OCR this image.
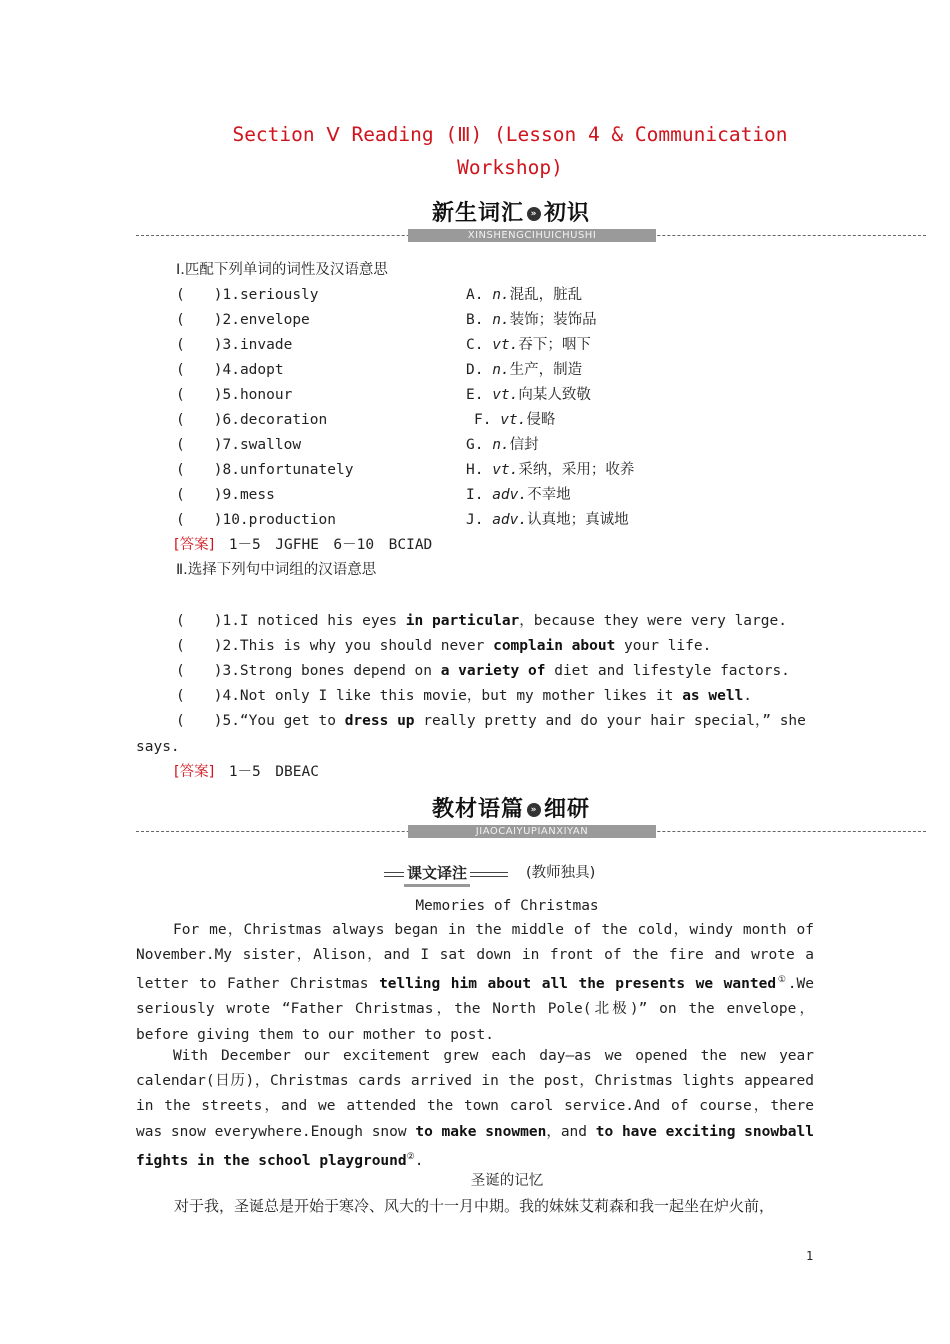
Section Ⅴ Reading (Ⅲ) (Lesson 4 & Communication
Workshop)
新生词汇 » 初识
XINSHENGCIHUICHUSHI
Ⅰ.匹配下列单词的词性及汉语意思
(　　)1.seriously	A. n.混乱，脏乱
(　　)2.envelope	B. n.装饰；装饰品
(　　)3.invade	C. vt.吞下；咽下
(　　)4.adopt	D. n.生产，制造
(　　)5.honour	E. vt.向某人致敬
(　　)6.decoration	F. vt.侵略
(　　)7.swallow	G. n.信封
(　　)8.unfortunately	H. vt.采纳，采用；收养
(　　)9.mess	I. adv.不幸地
(　　)10.production	J. adv.认真地；真诚地
[答案]　 1－5　JGFHE　6－10　BCIAD
Ⅱ.选择下列句中词组的汉语意思
(　　)1.I noticed his eyes in particular，because they were very large.
(　　)2.This is why you should never complain about your life.
(　　)3.Strong bones depend on a variety of diet and lifestyle factors.
(　　)4.Not only I like this movie，but my mother likes it as well.
(　　)5.“You get to dress up really pretty and do your hair special，” she
says.
[答案]　 1－5　DBEAC
教材语篇 » 细研
JIAOCAIYUPIANXIYAN
课文译注	(教师独具)
Memories of Christmas
For me，Christmas always began in the middle of the cold，windy month of November.My sister，Alison，and I sat down in front of the fire and wrote a letter to Father Christmas telling him about all the presents we wanted①.We seriously wrote “Father Christmas，the North Pole(北极)” on the envelope，before giving them to our mother to post.
With December our excitement grew each day—as we opened the new year calendar(日历)，Christmas cards arrived in the post，Christmas lights appeared in the streets，and we attended the town carol service.And of course，there was snow everywhere.Enough snow to make snowmen，and to have exciting snowball fights in the school playground②.
圣诞的记忆
对于我，圣诞总是开始于寒冷、风大的十一月中期。我的妹妹艾莉森和我一起坐在炉火前，
1
